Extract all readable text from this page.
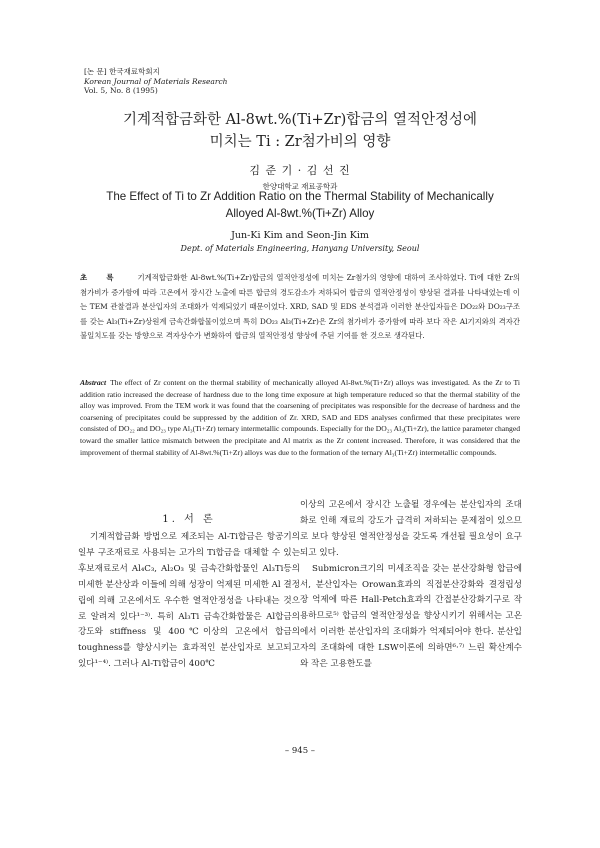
[논 문] 한국재료학회지
Korean Journal of Materials Research
Vol. 5, No. 8 (1995)
기계적합금화한 Al-8wt.%(Ti+Zr)합금의 열적안정성에
미치는 Ti : Zr첨가비의 영향
김 준 기 · 김 선 진
한양대학교 재료공학과
The Effect of Ti to Zr Addition Ratio on the Thermal Stability of Mechanically
Alloyed Al-8wt.%(Ti+Zr) Alloy
Jun-Ki Kim and Seon-Jin Kim
Dept. of Materials Engineering, Hanyang University, Seoul
초 록 기계적합금화한 Al-8wt.%(Ti+Zr)합금의 열적안정성에 미치는 Zr첨가의 영향에 대하여 조사하였다. Ti에 대한 Zr의 첨가비가 증가함에 따라 고온에서 장시간 노출에 따른 합금의 경도감소가 저하되어 합금의 열적안정성이 향상된 결과를 나타내었는데 이는 TEM 관찰결과 분산입자의 조대화가 억제되었기 때문이었다. XRD, SAD 및 EDS 분석결과 이러한 분산입자들은 DO₂₂와 DO₂₃구조를 갖는 Al₃(Ti+Zr)상원계 금속간화합물이었으며 특히 DO₂₃ Al₃(Ti+Zr)은 Zr의 첨가비가 증가함에 따라 보다 작은 Al기지와의 격자간불일치도를 갖는 방향으로 격자상수가 변화하여 합금의 열적안정성 향상에 주된 기여를 한 것으로 생각된다.
Abstract The effect of Zr content on the thermal stability of mechanically alloyed Al-8wt.%(Ti+Zr) alloys was investigated. As the Zr to Ti addition ratio increased the decrease of hardness due to the long time exposure at high temperature reduced so that the thermal stability of the alloy was improved. From the TEM work it was found that the coarsening of precipitates was responsible for the decrease of hardness and the coarsening of precipitates could be suppressed by the addition of Zr. XRD, SAD and EDS analyses confirmed that these precipitates were consisted of DO₂₂ and DO₂₃ type Al₃(Ti+Zr) ternary intermetallic compounds. Especially for the DO₂₃ Al₃(Ti+Zr), the lattice parameter changed toward the smaller lattice mismatch between the precipitate and Al matrix as the Zr content increased. Therefore, it was considered that the improvement of thermal stability of Al-8wt.%(Ti+Zr) alloys was due to the formation of the ternary Al₃(Ti+Zr) intermetallic compounds.
1. 서 론

기계적합금화 방법으로 제조되는 Al-Ti합금은 항공기의 일부 구조재료로 사용되는 고가의 Ti합금을 대체할 수 있는 후보재료로서 Al₄C₃, Al₂O₃ 및 금속간화합물인 Al₃Ti등의 미세한 분산상과 이들에 의해 성장이 억제된 미세한 Al 결정립에 의해 고온에서도 우수한 열적안정성을 나타내는 것으로 알려져 있다¹⁻³⁾. 특히 Al₃Ti 금속간화합물은 Al합금의 강도와 stiffness 및 400℃이상의 고온에서 합금의 toughness를 향상시키는 효과적인 분산입자로 보고되고 있다¹⁻⁴⁾. 그러나 Al-Ti합금이 400℃

이상의 고온에서 장시간 노출될 경우에는 분산입자의 조대화로 인해 재료의 강도가 급격히 저하되는 문제점이 있으므로 보다 향상된 열적안정성을 갖도록 개선될 필요성이 요구되고 있다.

Submicron크기의 미세조직을 갖는 분산강화형 합금에서, 분산입자는 Orowan효과의 직접분산강화와 결정립성장 억제에 따른 Hall-Petch효과의 간접분산강화기구로 작용하므로⁵⁾ 합금의 열적안정성을 향상시키기 위해서는 고온에서 이러한 분산입자의 조대화가 억제되어야 한다. 분산입자의 조대화에 대한 LSW이론에 의하면⁶·⁷⁾ 느린 확산계수와 작은 고용한도를

– 945 –
